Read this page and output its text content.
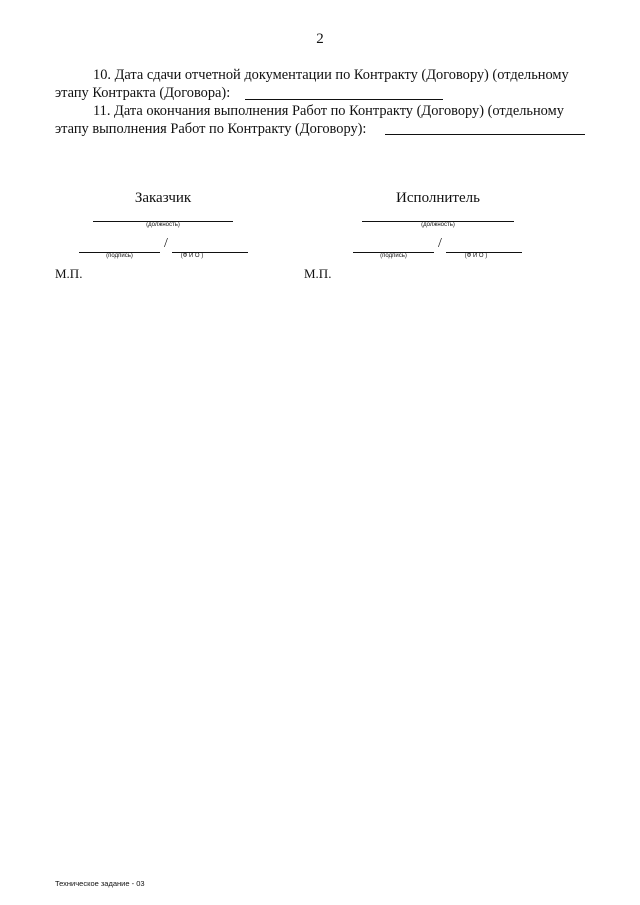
2
10. Дата сдачи отчетной документации по Контракту (Договору) (отдельному
этапу Контракта (Договора):
11. Дата окончания выполнения Работ по Контракту (Договору) (отдельному
этапу выполнения Работ по Контракту (Договору):
Заказчик
(должность)
/
(подпись)	(Ф И О )
М.П.
Исполнитель
(должность)
/
(подпись)	(Ф И О )
М.П.
Техническое задание - 03
